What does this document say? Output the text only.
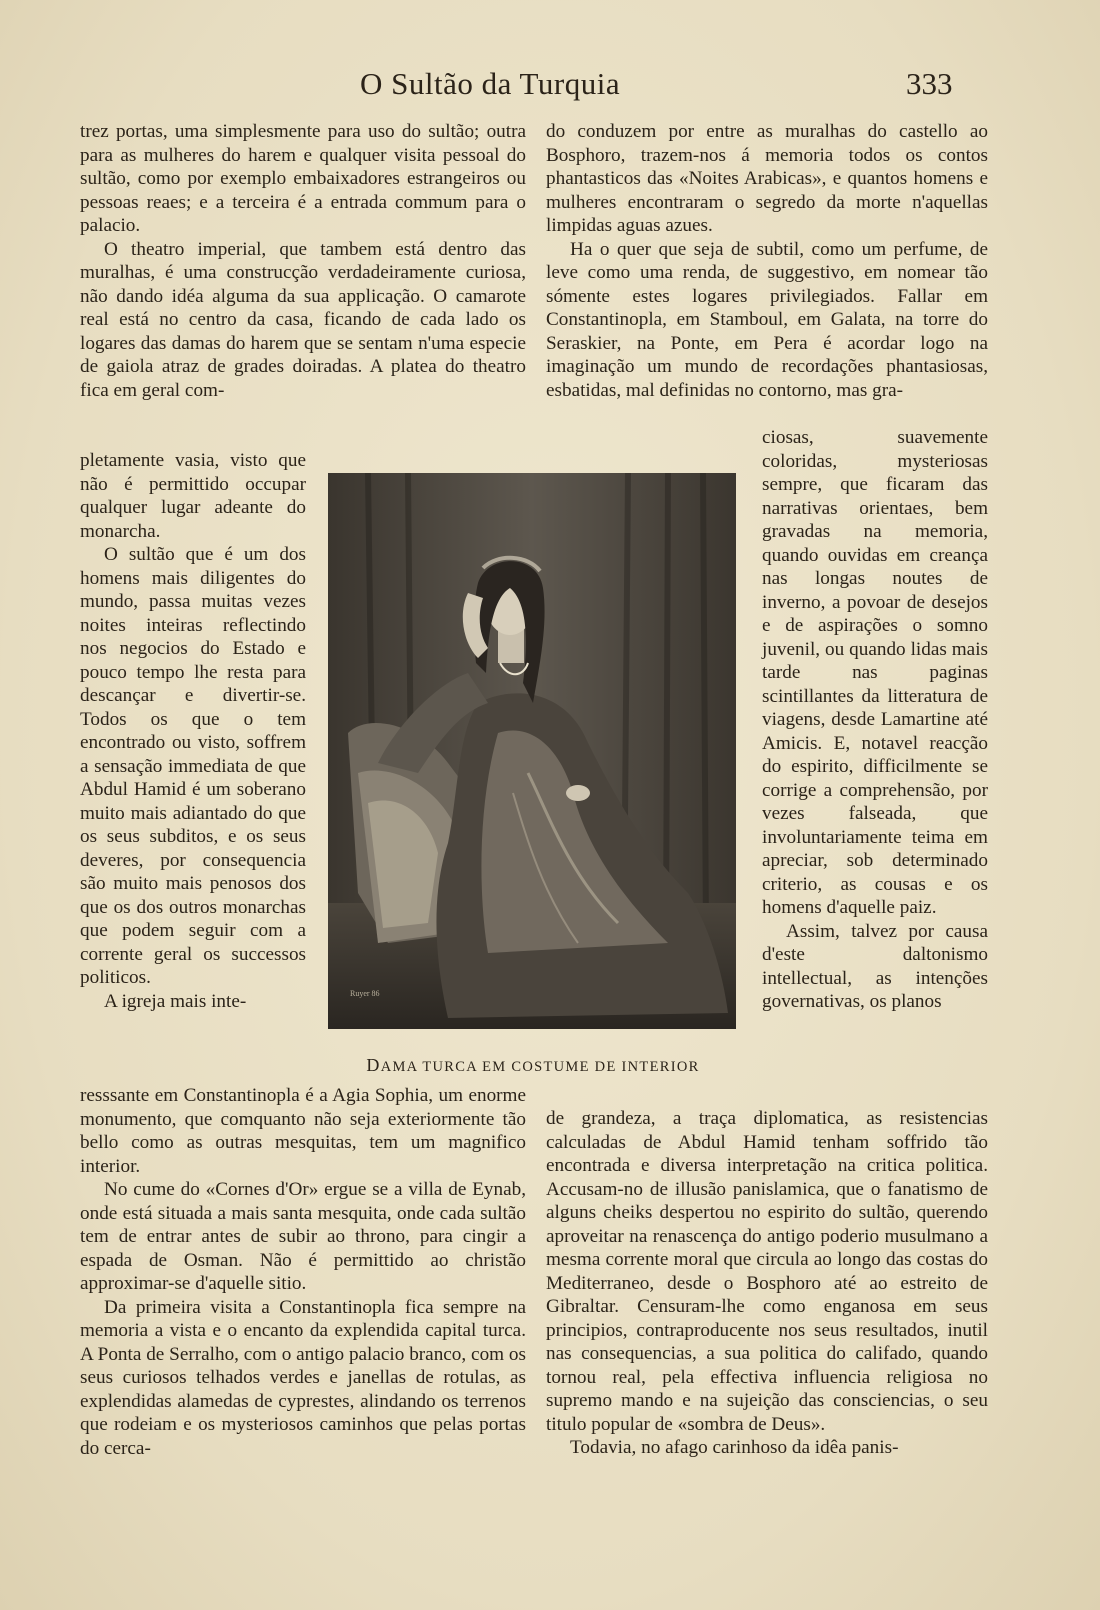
O Sultão da Turquia	333

trez portas, uma simplesmente para uso do sultão; outra para as mulheres do harem e qualquer visita pessoal do sultão, como por exemplo embaixadores estrangeiros ou pessoas reaes; e a terceira é a entrada commum para o palacio.

O theatro imperial, que tambem está dentro das muralhas, é uma construcção verdadeiramente curiosa, não dando idéa alguma da sua applicação. O camarote real está no centro da casa, ficando de cada lado os logares das damas do harem que se sentam n'uma especie de gaiola atraz de grades doiradas. A platea do theatro fica em geral com-

pletamente vasia, visto que não é permittido occupar qualquer lugar adeante do monarcha.

O sultão que é um dos homens mais diligentes do mundo, passa muitas vezes noites inteiras reflectindo nos negocios do Estado e pouco tempo lhe resta para descançar e divertir-se. Todos os que o tem encontrado ou visto, soffrem a sensação immediata de que Abdul Hamid é um soberano muito mais adiantado do que os seus subditos, e os seus deveres, por consequencia são muito mais penosos dos que os dos outros monarchas que podem seguir com a corrente geral os successos politicos.

A igreja mais inte-

resssante em Constantinopla é a Agia Sophia, um enorme monumento, que comquanto não seja exteriormente tão bello como as outras mesquitas, tem um magnifico interior.

No cume do «Cornes d'Or» ergue se a villa de Eynab, onde está situada a mais santa mesquita, onde cada sultão tem de entrar antes de subir ao throno, para cingir a espada de Osman. Não é permittido ao christão approximar-se d'aquelle sitio.

Da primeira visita a Constantinopla fica sempre na memoria a vista e o encanto da explendida capital turca. A Ponta de Serralho, com o antigo palacio branco, com os seus curiosos telhados verdes e janellas de rotulas, as explendidas alamedas de cyprestes, alindando os terrenos que rodeiam e os mysteriosos caminhos que pelas portas do cerca-

do conduzem por entre as muralhas do castello ao Bosphoro, trazem-nos á memoria todos os contos phantasticos das «Noites Arabicas», e quantos homens e mulheres encontraram o segredo da morte n'aquellas limpidas aguas azues.

Ha o quer que seja de subtil, como um perfume, de leve como uma renda, de suggestivo, em nomear tão sómente estes logares privilegiados. Fallar em Constantinopla, em Stamboul, em Galata, na torre do Seraskier, na Ponte, em Pera é acordar logo na imaginação um mundo de recordações phantasiosas, esbatidas, mal definidas no contorno, mas gra-

ciosas, suavemente coloridas, mysteriosas sempre, que ficaram das narrativas orientaes, bem gravadas na memoria, quando ouvidas em creança nas longas noutes de inverno, a povoar de desejos e de aspirações o somno juvenil, ou quando lidas mais tarde nas paginas scintillantes da litteratura de viagens, desde Lamartine até Amicis. E, notavel reacção do espirito, difficilmente se corrige a comprehensão, por vezes falseada, que involuntariamente teima em apreciar, sob determinado criterio, as cousas e os homens d'aquelle paiz.

Assim, talvez por causa d'este daltonismo intellectual, as intenções governativas, os planos

de grandeza, a traça diplomatica, as resistencias calculadas de Abdul Hamid tenham soffrido tão encontrada e diversa interpretação na critica politica. Accusam-no de illusão panislamica, que o fanatismo de alguns cheiks despertou no espirito do sultão, querendo aproveitar na renascença do antigo poderio musulmano a mesma corrente moral que circula ao longo das costas do Mediterraneo, desde o Bosphoro até ao estreito de Gibraltar. Censuram-lhe como enganosa em seus principios, contraproducente nos seus resultados, inutil nas consequencias, a sua politica do califado, quando tornou real, pela effectiva influencia religiosa no supremo mando e na sujeição das consciencias, o seu titulo popular de «sombra de Deus».

Todavia, no afago carinhoso da idêa panis-

Ruyer 86
DAMA TURCA EM COSTUME DE INTERIOR
